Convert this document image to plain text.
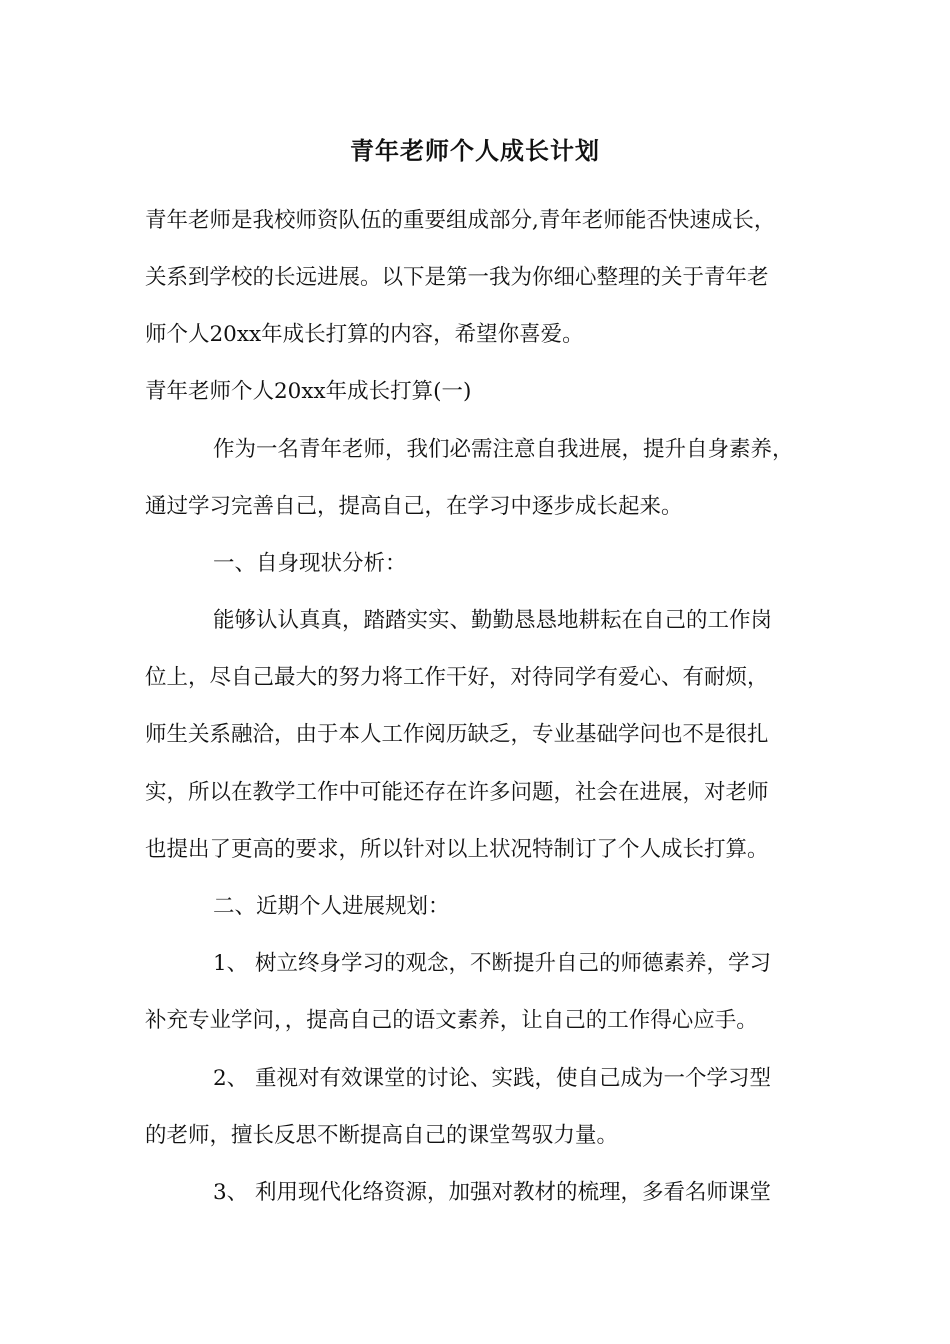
青年老师个人成长计划
青年老师是我校师资队伍的重要组成部分,青年老师能否快速成长，
关系到学校的长远进展。以下是第一我为你细心整理的关于青年老
师个人20xx年成长打算的内容，希望你喜爱。
青年老师个人20xx年成长打算(一)
作为一名青年老师，我们必需注意自我进展，提升自身素养，
通过学习完善自己，提高自己，在学习中逐步成长起来。
一、自身现状分析：
能够认认真真，踏踏实实、勤勤恳恳地耕耘在自己的工作岗
位上，尽自己最大的努力将工作干好，对待同学有爱心、有耐烦，
师生关系融洽，由于本人工作阅历缺乏，专业基础学问也不是很扎
实，所以在教学工作中可能还存在许多问题，社会在进展，对老师
也提出了更高的要求，所以针对以上状况特制订了个人成长打算。
二、近期个人进展规划：
1、 树立终身学习的观念，不断提升自己的师德素养，学习
补充专业学问，，提高自己的语文素养，让自己的工作得心应手。
2、 重视对有效课堂的讨论、实践，使自己成为一个学习型
的老师，擅长反思不断提高自己的课堂驾驭力量。
3、 利用现代化络资源，加强对教材的梳理，多看名师课堂
